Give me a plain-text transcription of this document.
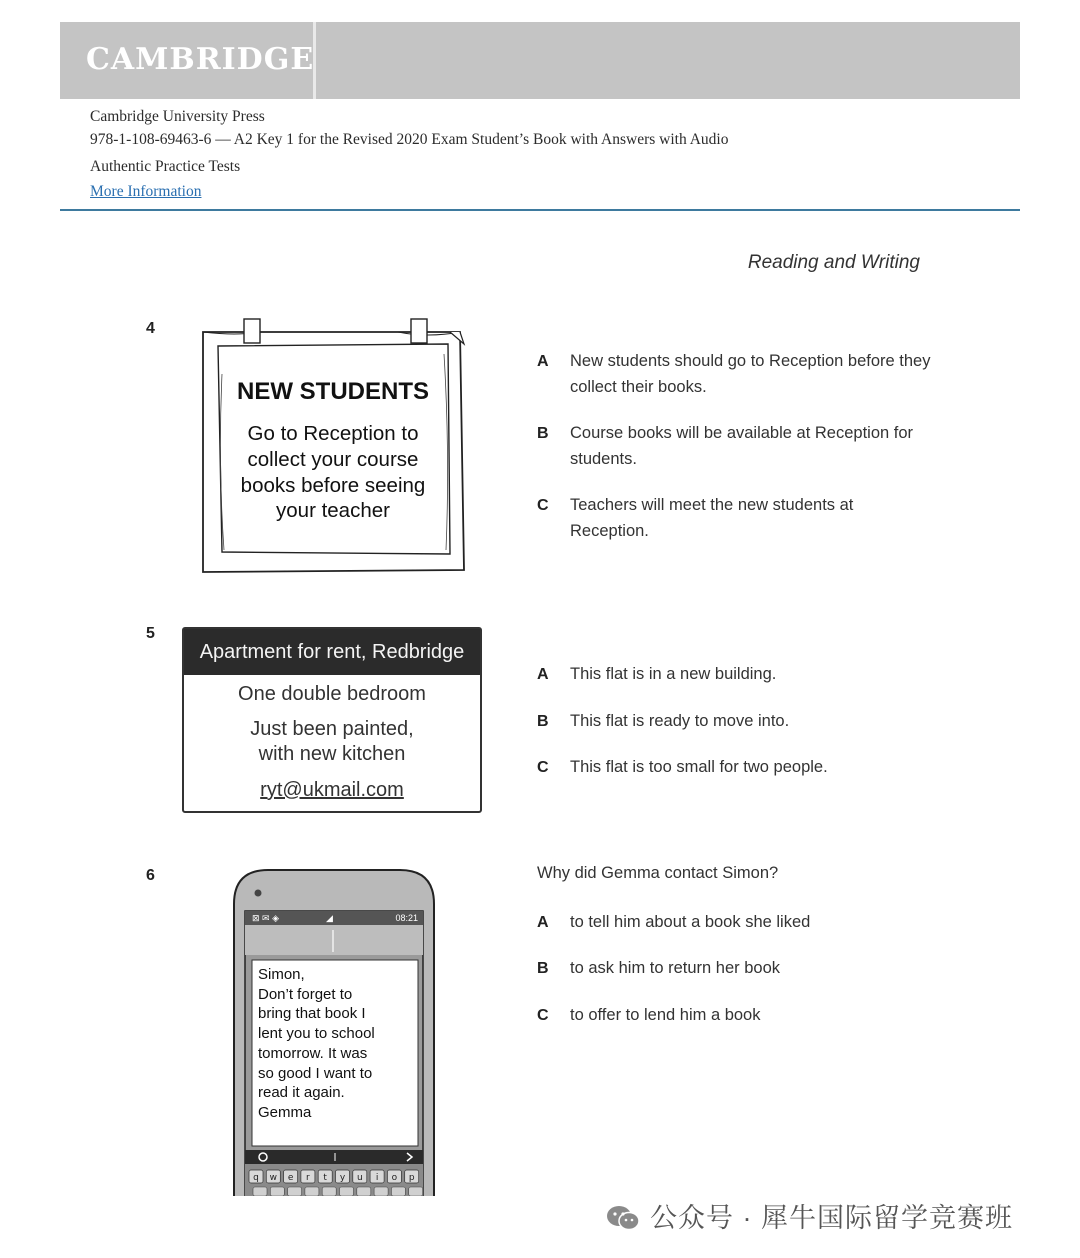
CAMBRIDGE
Cambridge University Press
978-1-108-69463-6 — A2 Key 1 for the Revised 2020 Exam Student’s Book with Answers with Audio
Authentic Practice Tests
More Information
Reading and Writing
4
NEW STUDENTS
Go to Reception to
collect your course
books before seeing
your teacher
A New students should go to Reception before they collect their books.
B Course books will be available at Reception for students.
C Teachers will meet the new students at Reception.
5
Apartment for rent, Redbridge
One double bedroom
Just been painted,
with new kitchen
ryt@ukmail.com
A This flat is in a new building.
B This flat is ready to move into.
C This flat is too small for two people.
6
q w e r t y u i o p
⊠ ✉ ◈	◢	08:21
Simon,
Don’t forget to
bring that book I
lent you to school
tomorrow. It was
so good I want to
read it again.
Gemma
Why did Gemma contact Simon?
A to tell him about a book she liked
B to ask him to return her book
C to offer to lend him a book
公众号 · 犀牛国际留学竞赛班
